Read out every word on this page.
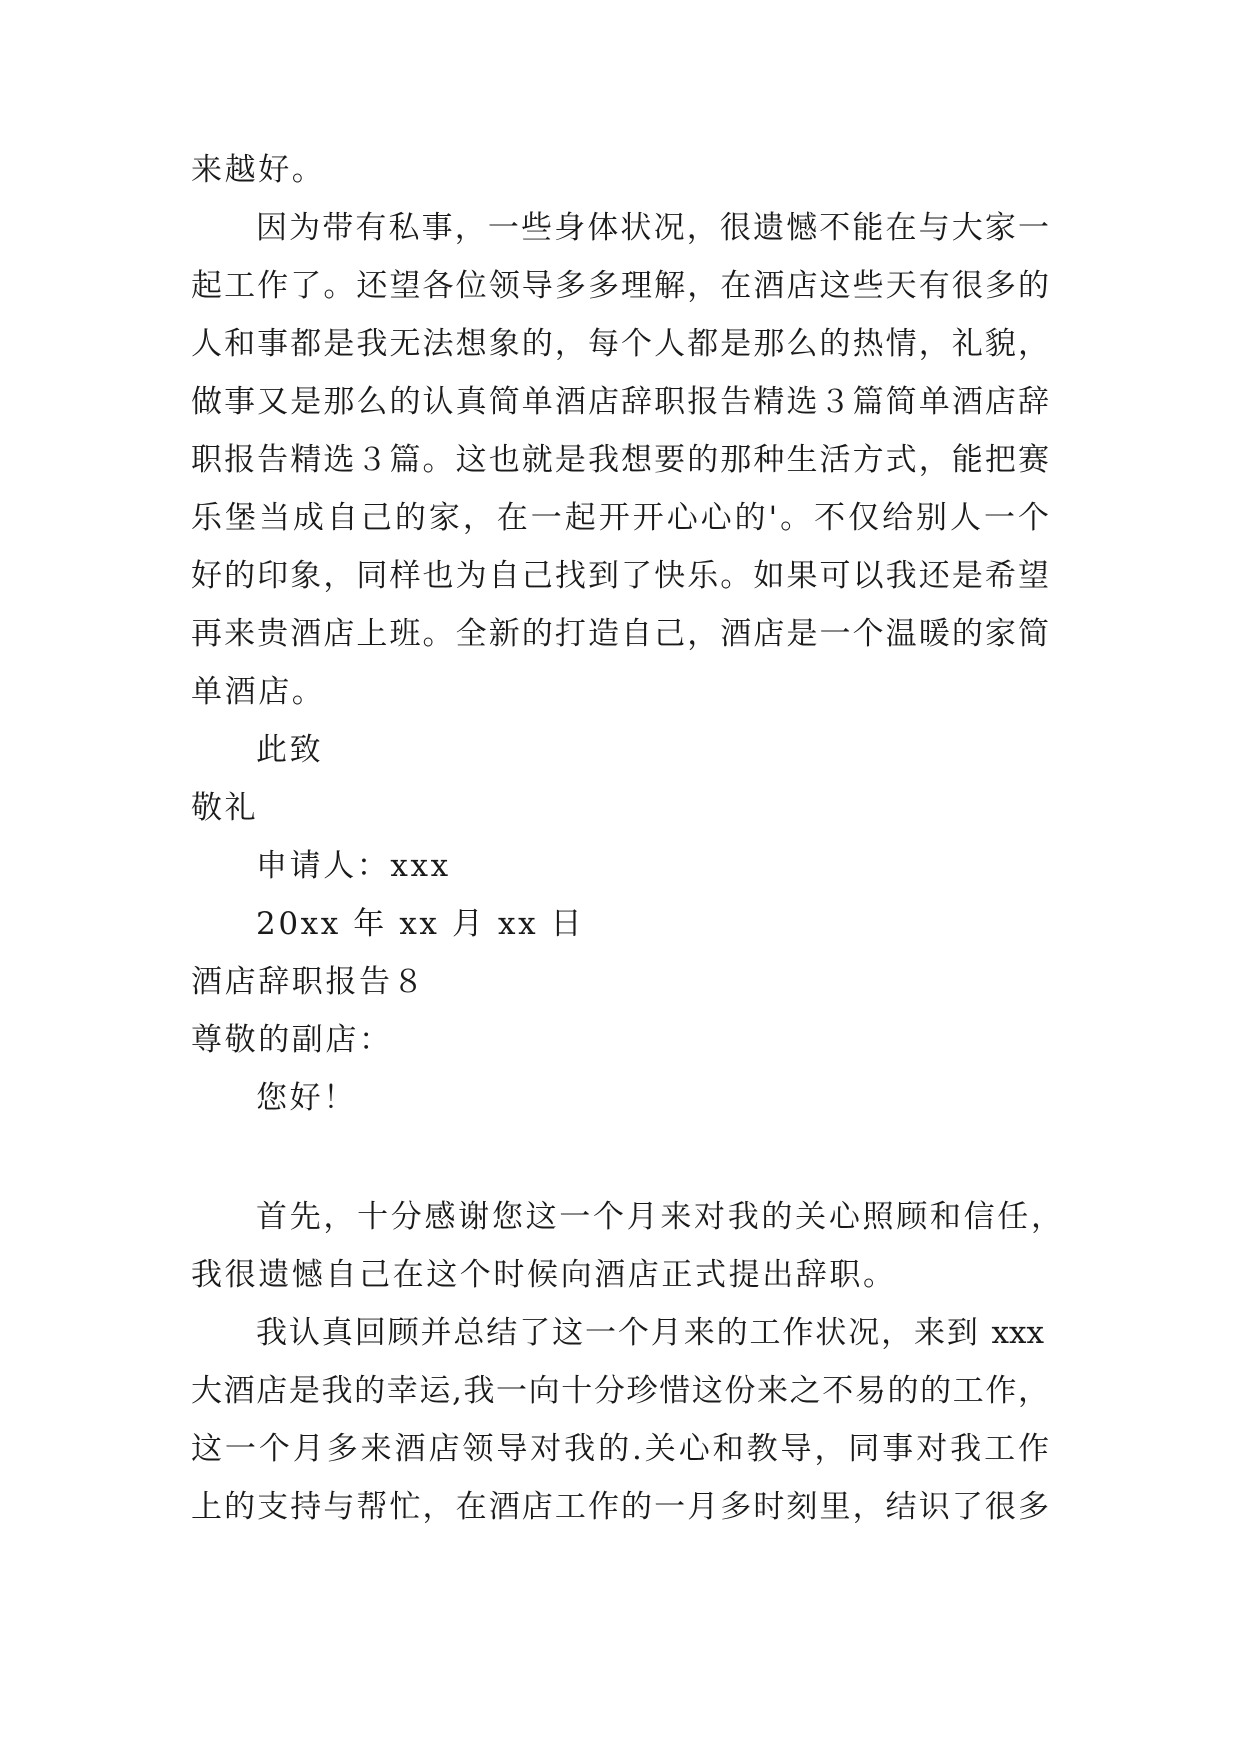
来越好。
因为带有私事，一些身体状况，很遗憾不能在与大家一
起工作了。还望各位领导多多理解，在酒店这些天有很多的
人和事都是我无法想象的，每个人都是那么的热情，礼貌，
做事又是那么的认真简单酒店辞职报告精选３篇简单酒店辞
职报告精选３篇。这也就是我想要的那种生活方式，能把赛
乐堡当成自己的家，在一起开开心心的'。不仅给别人一个
好的印象，同样也为自己找到了快乐。如果可以我还是希望
再来贵酒店上班。全新的打造自己，酒店是一个温暖的家简
单酒店。
此致
敬礼
申请人：xxx
20xx 年 xx 月 xx 日
酒店辞职报告８
尊敬的副店：
您好！
首先，十分感谢您这一个月来对我的关心照顾和信任，
我很遗憾自己在这个时候向酒店正式提出辞职。
我认真回顾并总结了这一个月来的工作状况，来到 xxx
大酒店是我的幸运,我一向十分珍惜这份来之不易的的工作，
这一个月多来酒店领导对我的.关心和教导，同事对我工作
上的支持与帮忙，在酒店工作的一月多时刻里，结识了很多
